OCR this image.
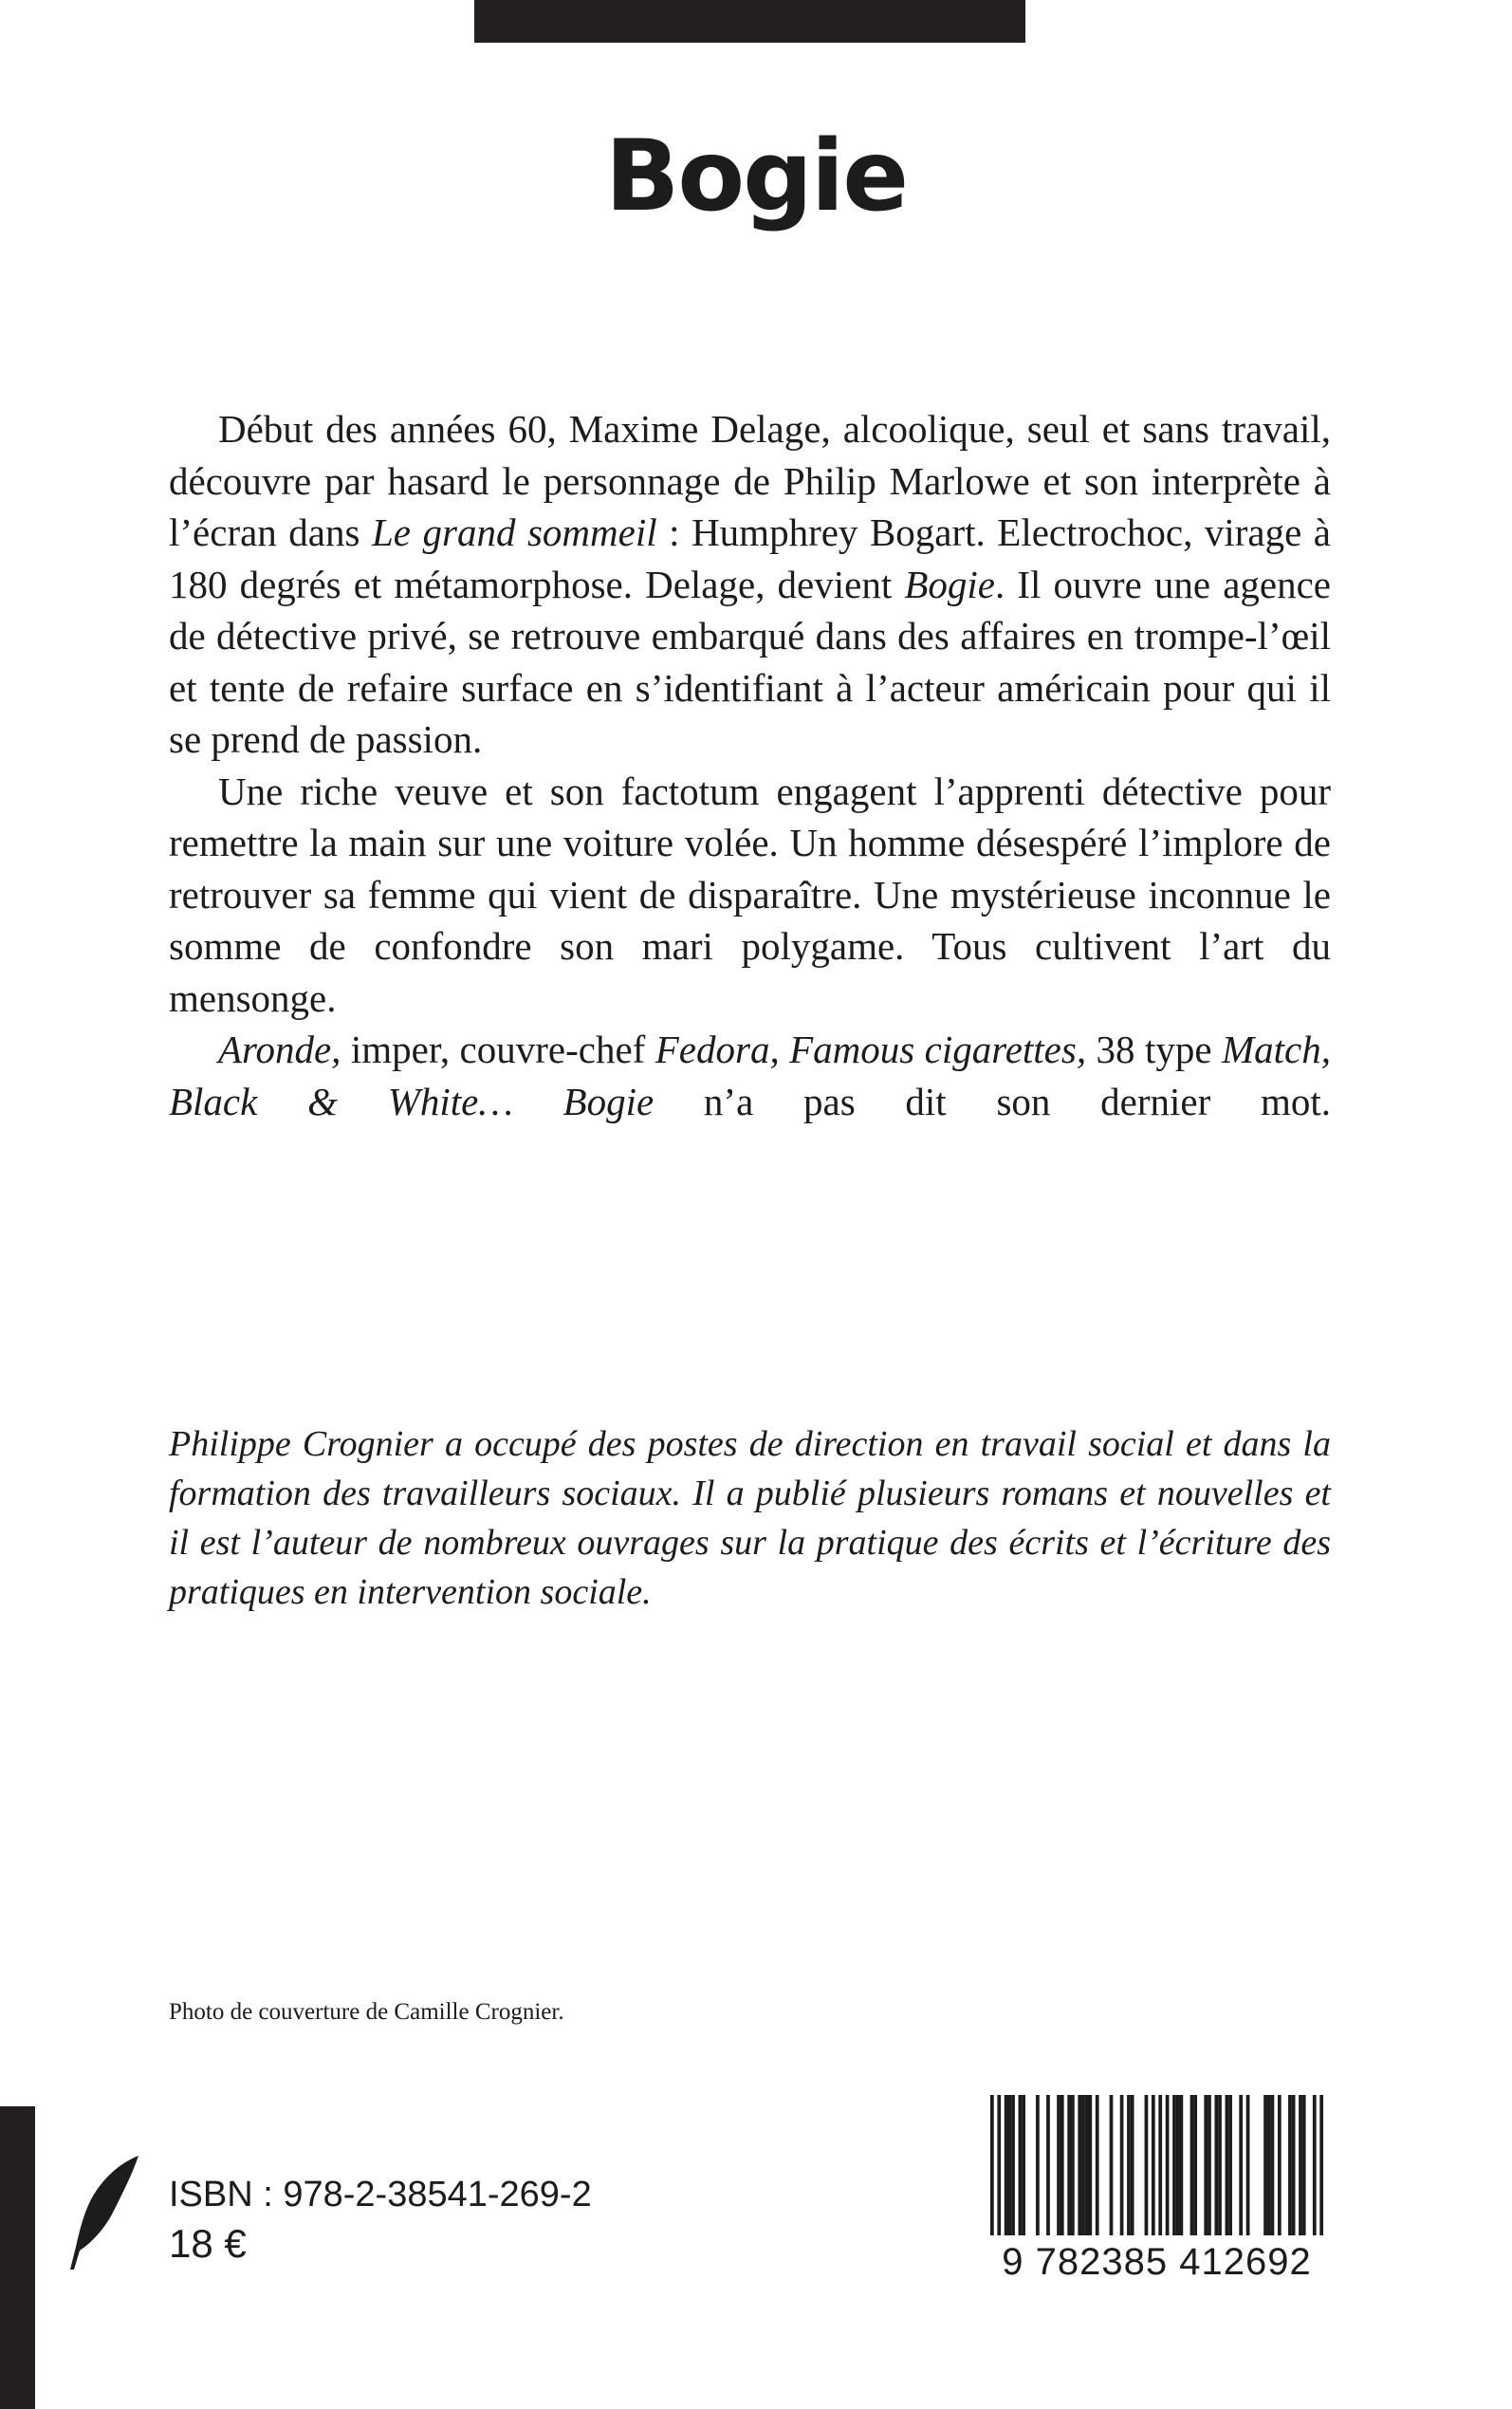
Bogie

Début des années 60, Maxime Delage, alcoolique, seul et sans travail, découvre par hasard le personnage de Philip Marlowe et son interprète à l’écran dans Le grand sommeil : Humphrey Bogart. Electrochoc, virage à 180 degrés et métamorphose. Delage, devient Bogie. Il ouvre une agence de détective privé, se retrouve embarqué dans des affaires en trompe-l’œil et tente de refaire surface en s’identifiant à l’acteur américain pour qui il se prend de passion.

Une riche veuve et son factotum engagent l’apprenti détective pour remettre la main sur une voiture volée. Un homme désespéré l’implore de retrouver sa femme qui vient de disparaître. Une mystérieuse inconnue le somme de confondre son mari polygame. Tous cultivent l’art du mensonge.

Aronde, imper, couvre-chef Fedora, Famous cigarettes, 38 type Match, Black & White… Bogie n’a pas dit son dernier mot.

Philippe Crognier a occupé des postes de direction en travail social et dans la formation des travailleurs sociaux. Il a publié plusieurs romans et nouvelles et il est l’auteur de nombreux ouvrages sur la pratique des écrits et l’écriture des pratiques en intervention sociale.

Photo de couverture de Camille Crognier.
ISBN : 978-2-38541-269-2
18 €	9 782385 412692
